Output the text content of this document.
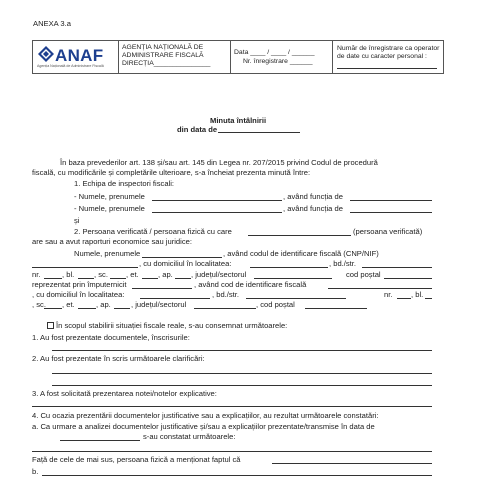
ANEXA 3.a
ANAF
Agenția Națională de Administrare Fiscală
AGENȚIA NAȚIONALĂ DE
ADMINISTRARE FISCALĂ
DIRECȚIA_______________
Data ____ / ____ / ______
Nr. înregistrare ______
Număr de înregistrare ca operator
de date cu caracter personal :
Minuta întâlnirii
din data de
În baza prevederilor art. 138 și/sau art. 145 din Legea nr. 207/2015 privind Codul de procedură
fiscală, cu modificările și completările ulterioare, s-a încheiat prezenta minută între:
1. Echipa de inspectori fiscali:
- Numele, prenumele	, având funcția de
- Numele, prenumele	, având funcția de
și
2. Persoana verificată / persoana fizică cu care	(persoana verificată)
are sau a avut raporturi economice sau juridice:
Numele, prenumele	, având codul de identificare fiscală (CNP/NIF)
, cu domiciliul în localitatea:	, bd./str.
nr.	, bl.	, sc. , et.	, ap. , județul/sectorul	cod poștal
reprezentat prin împuternicit	, având cod de identificare fiscală
, cu domiciliul în localitatea:	, bd./str.	nr. , bl.
, sc. , et.	, ap.	, județul/sectorul	, cod poștal
În scopul stabilirii situației fiscale reale, s-au consemnat următoarele:
1. Au fost prezentate documentele, înscrisurile:
2. Au fost prezentate în scris următoarele clarificări:
3. A fost solicitată prezentarea notei/notelor explicative:
4. Cu ocazia prezentării documentelor justificative sau a explicațiilor, au rezultat următoarele constatări:
a. Ca urmare a analizei documentelor justificative și/sau a explicațiilor prezentate/transmise în data de
s-au constatat următoarele:
Față de cele de mai sus, persoana fizică a menționat faptul că
b.
